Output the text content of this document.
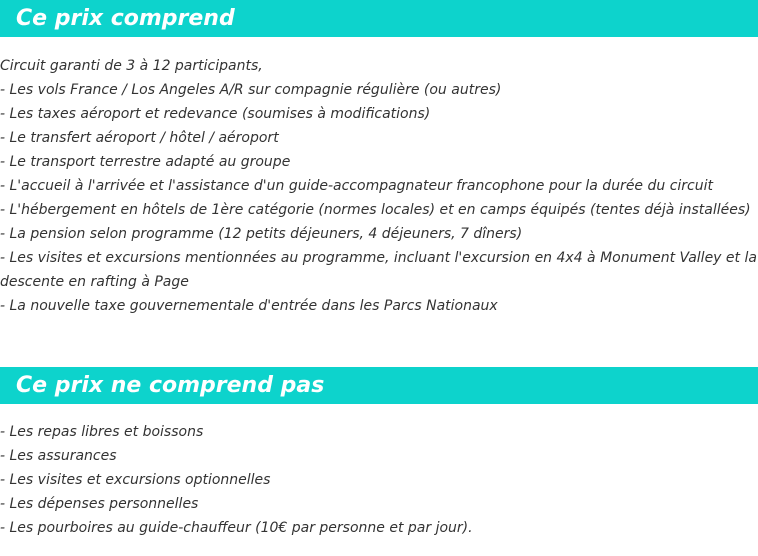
Ce prix comprend
Circuit garanti de 3 à 12 participants,
- Les vols France / Los Angeles A/R sur compagnie régulière (ou autres)
- Les taxes aéroport et redevance (soumises à modifications)
- Le transfert aéroport / hôtel / aéroport
- Le transport terrestre adapté au groupe
- L'accueil à l'arrivée et l'assistance d'un guide-accompagnateur francophone pour la durée du circuit
- L'hébergement en hôtels de 1ère catégorie (normes locales) et en camps équipés (tentes déjà installées)
- La pension selon programme (12 petits déjeuners, 4 déjeuners, 7 dîners)
- Les visites et excursions mentionnées au programme, incluant l'excursion en 4x4 à Monument Valley et la descente en rafting à Page
- La nouvelle taxe gouvernementale d'entrée dans les Parcs Nationaux
Ce prix ne comprend pas
- Les repas libres et boissons
- Les assurances
- Les visites et excursions optionnelles
- Les dépenses personnelles
- Les pourboires au guide-chauffeur (10€ par personne et par jour).
